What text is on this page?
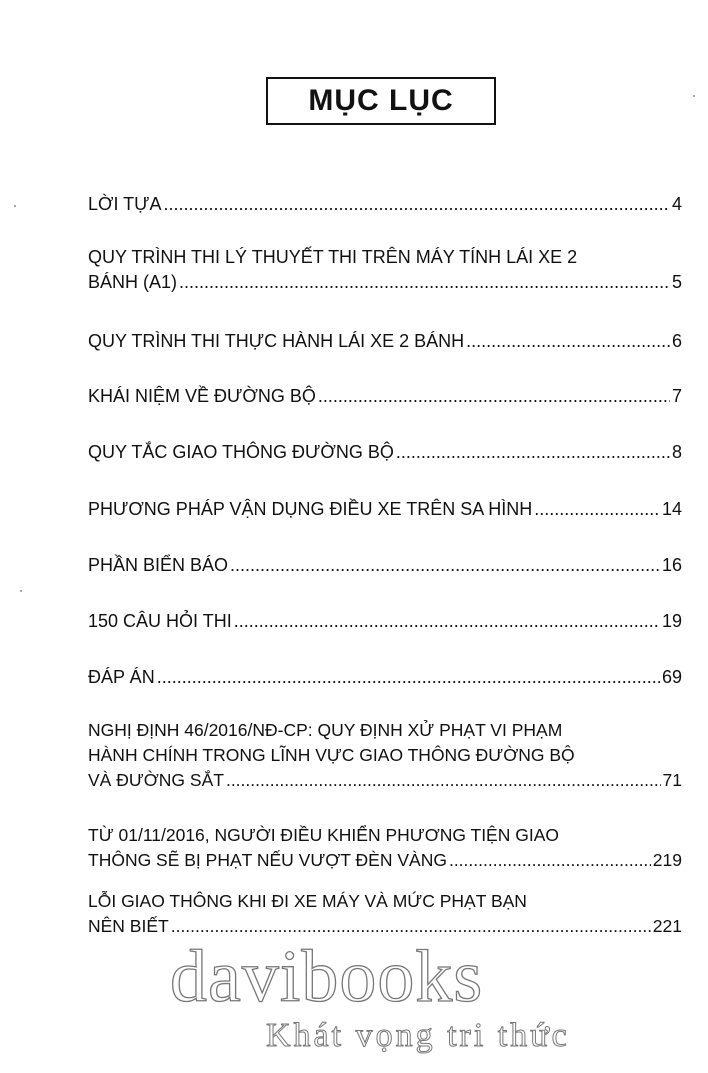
MỤC LỤC
LỜI TỰA .....	4
QUY TRÌNH THI LÝ THUYẾT THI TRÊN MÁY TÍNH LÁI XE 2
BÁNH (A1) .....	5
QUY TRÌNH THI THỰC HÀNH LÁI XE 2 BÁNH .....	6
KHÁI NIỆM VỀ ĐƯỜNG BỘ .....	7
QUY TẮC GIAO THÔNG ĐƯỜNG BỘ .....	8
PHƯƠNG PHÁP VẬN DỤNG ĐIỀU XE TRÊN SA HÌNH .....	14
PHẦN BIỂN BÁO .....	16
150 CÂU HỎI THI .....	19
ĐÁP ÁN .....	69
NGHỊ ĐỊNH 46/2016/NĐ-CP: QUY ĐỊNH XỬ PHẠT VI PHẠM
HÀNH CHÍNH TRONG LĨNH VỰC GIAO THÔNG ĐƯỜNG BỘ
VÀ ĐƯỜNG SẮT .....	71
TỪ 01/11/2016, NGƯỜI ĐIỀU KHIỂN PHƯƠNG TIỆN GIAO
THÔNG SẼ BỊ PHẠT NẾU VƯỢT ĐÈN VÀNG .....	219
LỖI GIAO THÔNG KHI ĐI XE MÁY VÀ MỨC PHẠT BẠN
NÊN BIẾT .....	221
davibooks
Khát vọng tri thức
